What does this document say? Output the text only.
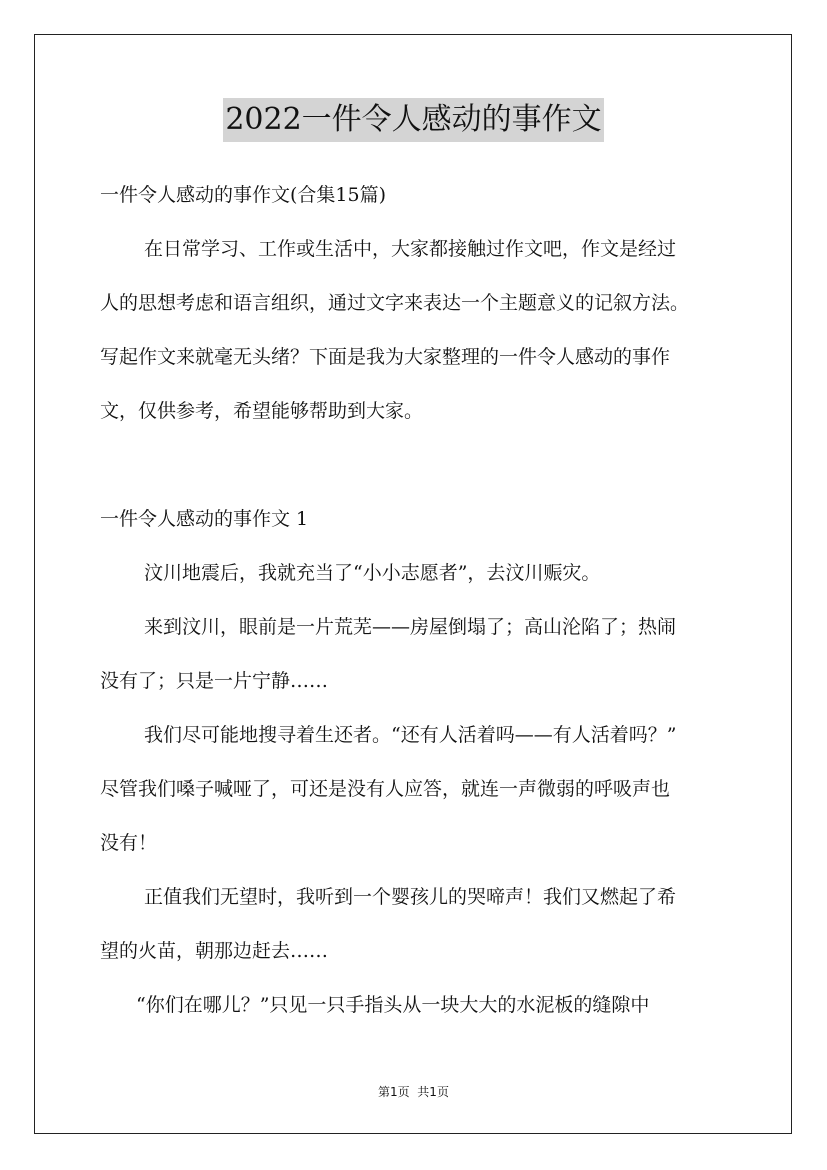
2022一件令人感动的事作文
一件令人感动的事作文(合集15篇)
在日常学习、工作或生活中，大家都接触过作文吧，作文是经过
人的思想考虑和语言组织，通过文字来表达一个主题意义的记叙方法。
写起作文来就毫无头绪？下面是我为大家整理的一件令人感动的事作
文，仅供参考，希望能够帮助到大家。
一件令人感动的事作文 1
汶川地震后，我就充当了“小小志愿者”，去汶川赈灾。
来到汶川，眼前是一片荒芜——房屋倒塌了；高山沦陷了；热闹
没有了；只是一片宁静……
我们尽可能地搜寻着生还者。“还有人活着吗——有人活着吗？”
尽管我们嗓子喊哑了，可还是没有人应答，就连一声微弱的呼吸声也
没有！
正值我们无望时，我听到一个婴孩儿的哭啼声！我们又燃起了希
望的火苗，朝那边赶去……
“你们在哪儿？”只见一只手指头从一块大大的水泥板的缝隙中
第1页  共1页
